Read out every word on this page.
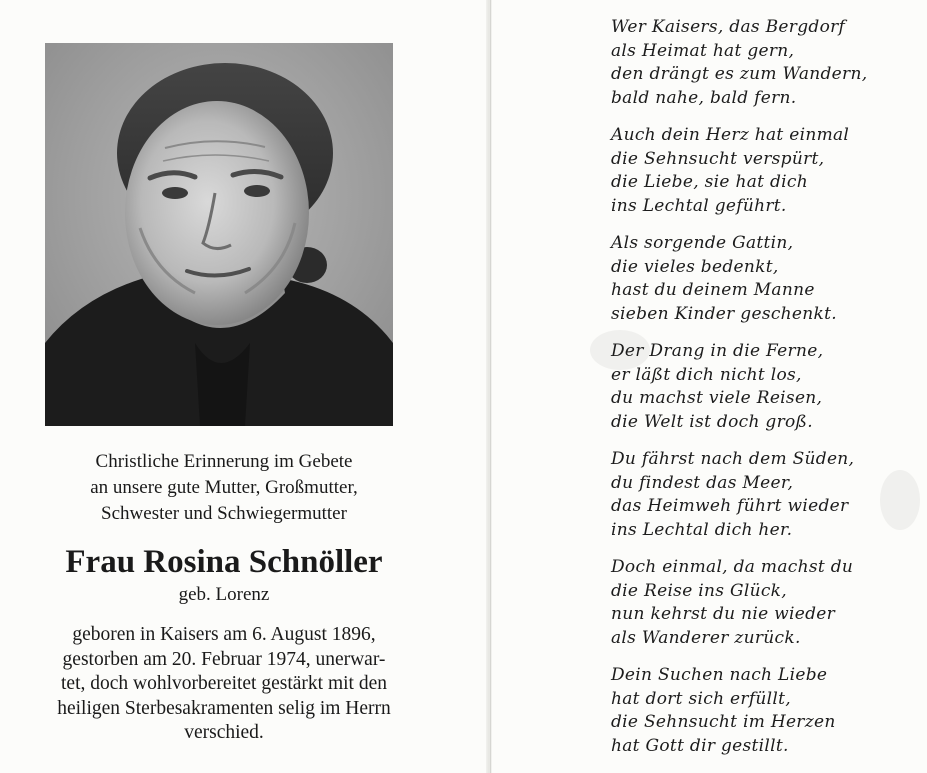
Christliche Erinnerung im Gebete
an unsere gute Mutter, Großmutter,
Schwester und Schwiegermutter
Frau Rosina Schnöller
geb. Lorenz
geboren in Kaisers am 6. August 1896,
gestorben am 20. Februar 1974, unerwar-
tet, doch wohlvorbereitet gestärkt mit den
heiligen Sterbesakramenten selig im Herrn
verschied.
Wer Kaisers, das Bergdorf
als Heimat hat gern,
den drängt es zum Wandern,
bald nahe, bald fern.
Auch dein Herz hat einmal
die Sehnsucht verspürt,
die Liebe, sie hat dich
ins Lechtal geführt.
Als sorgende Gattin,
die vieles bedenkt,
hast du deinem Manne
sieben Kinder geschenkt.
Der Drang in die Ferne,
er läßt dich nicht los,
du machst viele Reisen,
die Welt ist doch groß.
Du fährst nach dem Süden,
du findest das Meer,
das Heimweh führt wieder
ins Lechtal dich her.
Doch einmal, da machst du
die Reise ins Glück,
nun kehrst du nie wieder
als Wanderer zurück.
Dein Suchen nach Liebe
hat dort sich erfüllt,
die Sehnsucht im Herzen
hat Gott dir gestillt.
